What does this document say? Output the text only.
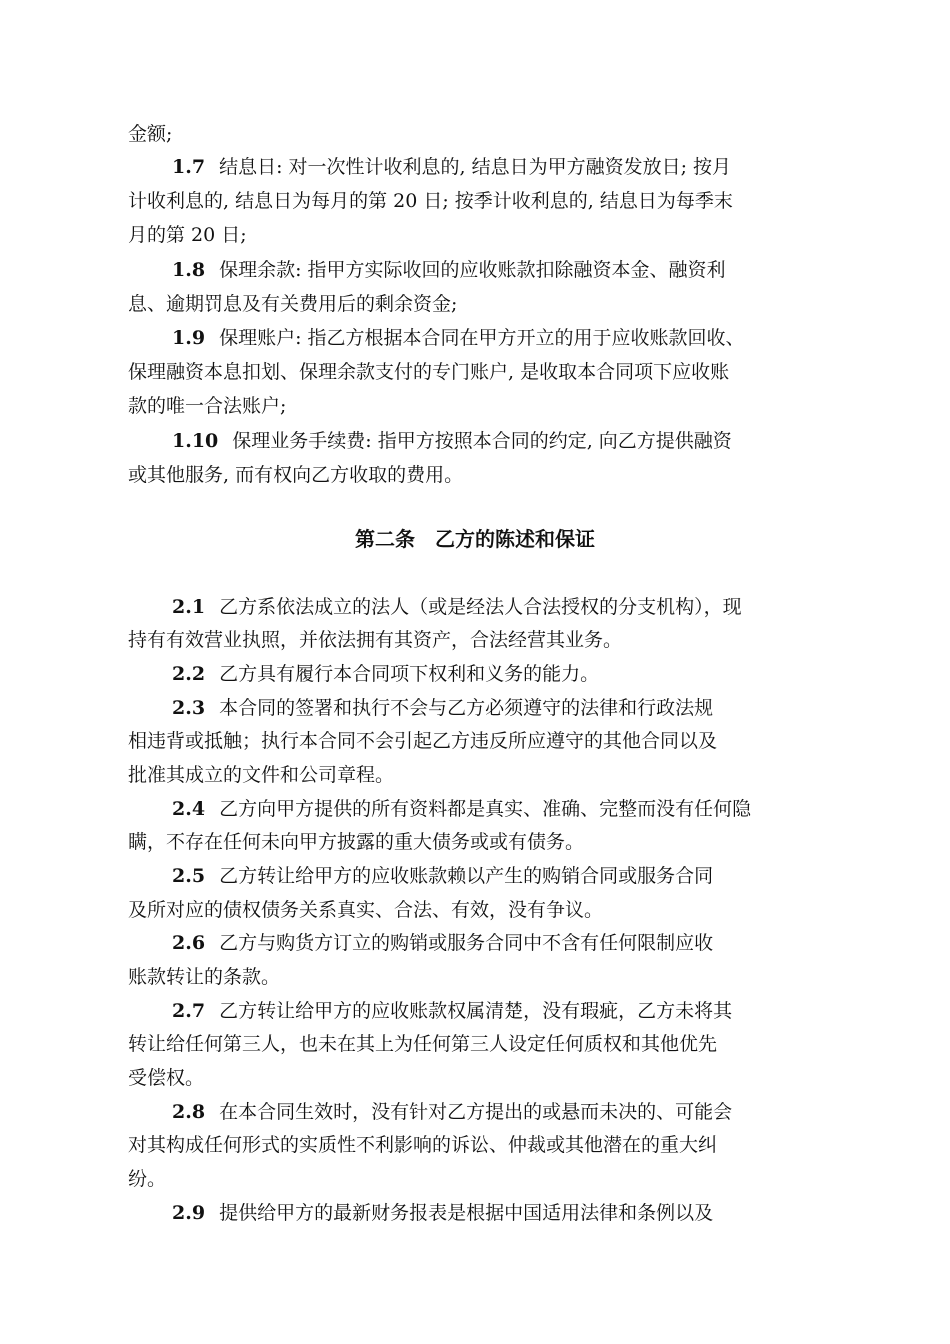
金额;
1.7 结息日: 对一次性计收利息的, 结息日为甲方融资发放日; 按月
计收利息的, 结息日为每月的第 20 日; 按季计收利息的, 结息日为每季末
月的第 20 日;
1.8 保理余款: 指甲方实际收回的应收账款扣除融资本金、融资利
息、逾期罚息及有关费用后的剩余资金;
1.9 保理账户: 指乙方根据本合同在甲方开立的用于应收账款回收、
保理融资本息扣划、保理余款支付的专门账户, 是收取本合同项下应收账
款的唯一合法账户;
1.10 保理业务手续费: 指甲方按照本合同的约定, 向乙方提供融资
或其他服务, 而有权向乙方收取的费用。
第二条　乙方的陈述和保证
2.1 乙方系依法成立的法人（或是经法人合法授权的分支机构），现
持有有效营业执照，并依法拥有其资产，合法经营其业务。
2.2 乙方具有履行本合同项下权利和义务的能力。
2.3 本合同的签署和执行不会与乙方必须遵守的法律和行政法规
相违背或抵触；执行本合同不会引起乙方违反所应遵守的其他合同以及
批准其成立的文件和公司章程。
2.4 乙方向甲方提供的所有资料都是真实、准确、完整而没有任何隐
瞒，不存在任何未向甲方披露的重大债务或或有债务。
2.5 乙方转让给甲方的应收账款赖以产生的购销合同或服务合同
及所对应的债权债务关系真实、合法、有效，没有争议。
2.6 乙方与购货方订立的购销或服务合同中不含有任何限制应收
账款转让的条款。
2.7 乙方转让给甲方的应收账款权属清楚，没有瑕疵，乙方未将其
转让给任何第三人，也未在其上为任何第三人设定任何质权和其他优先
受偿权。
2.8 在本合同生效时，没有针对乙方提出的或悬而未决的、可能会
对其构成任何形式的实质性不利影响的诉讼、仲裁或其他潜在的重大纠
纷。
2.9 提供给甲方的最新财务报表是根据中国适用法律和条例以及
